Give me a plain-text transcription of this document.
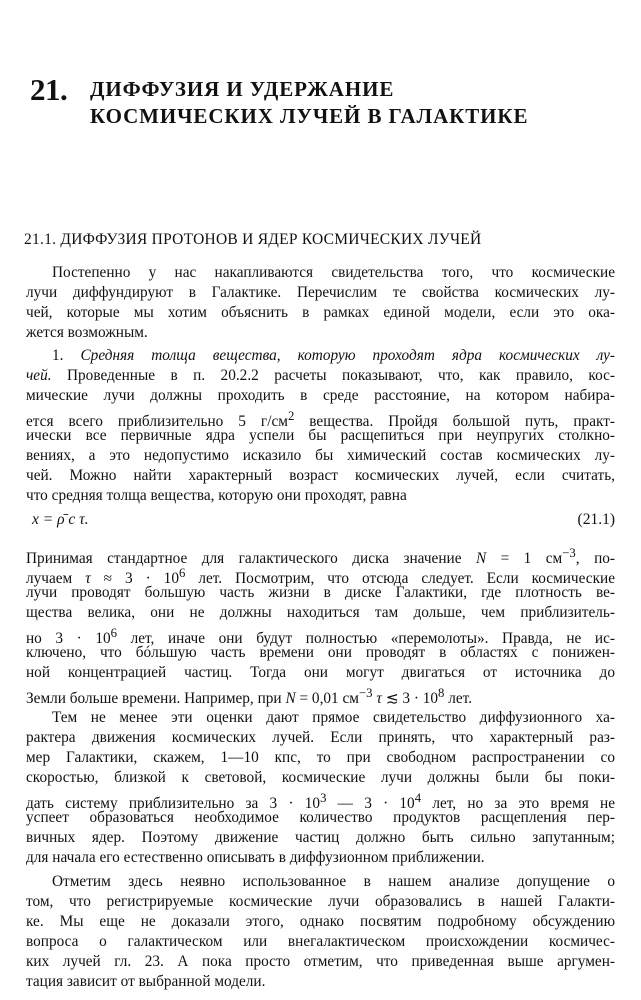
21. ДИФФУЗИЯ И УДЕРЖАНИЕ
КОСМИЧЕСКИХ ЛУЧЕЙ В ГАЛАКТИКЕ
21.1. ДИФФУЗИЯ ПРОТОНОВ И ЯДЕР КОСМИЧЕСКИХ ЛУЧЕЙ
Постепенно у нас накапливаются свидетельства того, что космические
лучи диффундируют в Галактике. Перечислим те свойства космических лу-
чей, которые мы хотим объяснить в рамках единой модели, если это ока-
жется возможным.
1. Средняя толща вещества, которую проходят ядра космических лу-
чей. Проведенные в п. 20.2.2 расчеты показывают, что, как правило, кос-
мические лучи должны проходить в среде расстояние, на котором набира-
ется всего приблизительно 5 $г/см^2$ вещества. Пройдя большой путь, практ-
ически все первичные ядра успели бы расщепиться при неупругих столкно-
вениях, а это недопустимо исказило бы химический состав космических лу-
чей. Можно найти характерный возраст космических лучей, если считать,
что средняя толща вещества, которую они проходят, равна
x = ρ̄ c τ.	(21.1)
Принимая стандартное для галактического диска значение N = 1 $см^{-3}$, по-
лучаем $\tau \approx 3 \cdot 10^6$ лет. Посмотрим, что отсюда следует. Если космические
лучи проводят большую часть жизни в диске Галактики, где плотность ве-
щества велика, они не должны находиться там дольше, чем приблизитель-
но $3 \cdot 10^6$ лет, иначе они будут полностью «перемолоты». Правда, не ис-
ключено, что бóльшую часть времени они проводят в областях с понижен-
ной концентрацией частиц. Тогда они могут двигаться от источника до
Земли больше времени. Например, при N = 0,01 $см^{-3}$ τ ≲ $3 \cdot 10^8$ лет.
Тем не менее эти оценки дают прямое свидетельство диффузионного ха-
рактера движения космических лучей. Если принять, что характерный раз-
мер Галактики, скажем, 1—10 кпс, то при свободном распространении со
скоростью, близкой к световой, космические лучи должны были бы поки-
дать систему приблизительно за $3 \cdot 10^3$ — $3 \cdot 10^4$ лет, но за это время не
успеет образоваться необходимое количество продуктов расщепления пер-
вичных ядер. Поэтому движение частиц должно быть сильно запутанным;
для начала его естественно описывать в диффузионном приближении.
Отметим здесь неявно использованное в нашем анализе допущение о
том, что регистрируемые космические лучи образовались в нашей Галакти-
ке. Мы еще не доказали этого, однако посвятим подробному обсуждению
вопроса о галактическом или внегалактическом происхождении космичес-
ких лучей гл. 23. А пока просто отметим, что приведенная выше аргумен-
тация зависит от выбранной модели.
